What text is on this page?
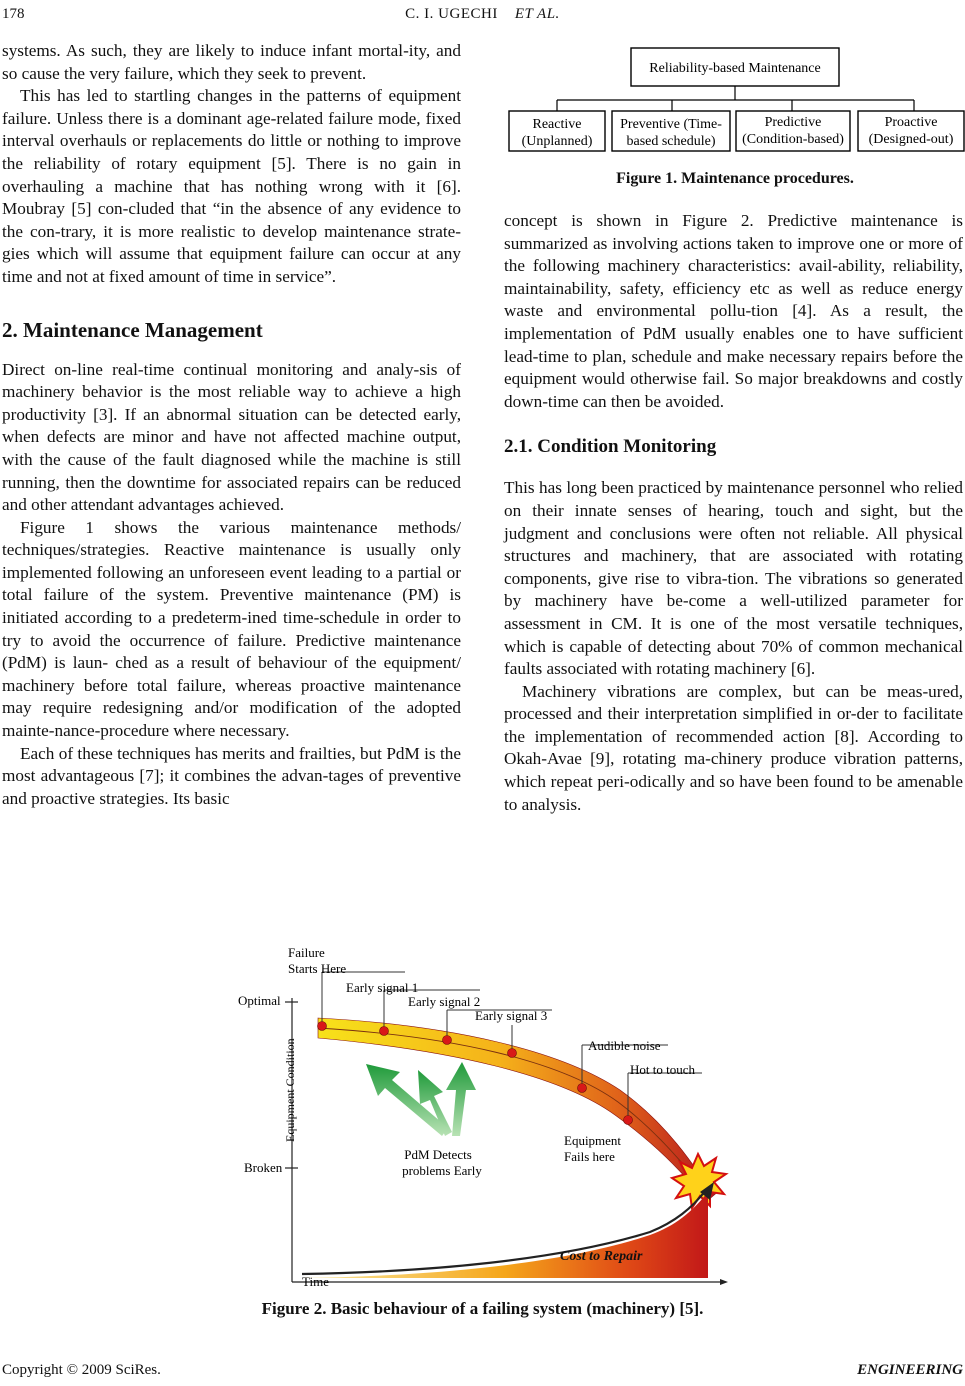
178	C. I. UGECHI ET AL.

systems. As such, they are likely to induce infant mortal-ity, and so cause the very failure, which they seek to prevent.

This has led to startling changes in the patterns of equipment failure. Unless there is a dominant age-related failure mode, fixed interval overhauls or replacements do little or nothing to improve the reliability of rotary equipment [5]. There is no gain in overhauling a machine that has nothing wrong with it [6]. Moubray [5] con-cluded that “in the absence of any evidence to the con-trary, it is more realistic to develop maintenance strate-gies which will assume that equipment failure can occur at any time and not at fixed amount of time in service”.

2. Maintenance Management

Direct on-line real-time continual monitoring and analy-sis of machinery behavior is the most reliable way to achieve a high productivity [3]. If an abnormal situation can be detected early, when defects are minor and have not affected machine output, with the cause of the fault diagnosed while the machine is still running, then the downtime for associated repairs can be reduced and other attendant advantages achieved.

Figure 1 shows the various maintenance methods/ techniques/strategies. Reactive maintenance is usually only implemented following an unforeseen event leading to a partial or total failure of the system. Preventive maintenance (PM) is initiated according to a predeterm-ined time-schedule in order to try to avoid the occurrence of failure. Predictive maintenance (PdM) is laun- ched as a result of behaviour of the equipment/ machinery before total failure, whereas proactive maintenance may require redesigning and/or modification of the adopted mainte-nance-procedure where necessary.

Each of these techniques has merits and frailties, but PdM is the most advantageous [7]; it combines the advan-tages of preventive and proactive strategies. Its basic

Reliability-based Maintenance
Reactive
(Unplanned)
Preventive (Time-
based schedule)
Predictive
(Condition-based)
Proactive
(Designed-out)
Figure 1. Maintenance procedures.

concept is shown in Figure 2. Predictive maintenance is summarized as involving actions taken to improve one or more of the following machinery characteristics: avail-ability, reliability, maintainability, safety, efficiency etc as well as reduce energy waste and environmental pollu-tion [4]. As a result, the implementation of PdM usually enables one to have sufficient lead-time to plan, schedule and make necessary repairs before the equipment would otherwise fail. So major breakdowns and costly down-time can then be avoided.

2.1. Condition Monitoring

This has long been practiced by maintenance personnel who relied on their innate senses of hearing, touch and sight, but the judgment and conclusions were often not reliable. All physical structures and machinery, that are associated with rotating components, give rise to vibra-tion. The vibrations so generated by machinery have be-come a well-utilized parameter for assessment in CM. It is one of the most versatile techniques, which is capable of detecting about 70% of common mechanical faults associated with rotating machinery [6].

Machinery vibrations are complex, but can be meas-ured, processed and their interpretation simplified in or-der to facilitate the implementation of recommended action [8]. According to Okah-Avae [9], rotating ma-chinery produce vibration patterns, which repeat peri-odically and so have been found to be amenable to analysis.

Optimal
Broken
Equipment Condition
Time
Failure
Starts Here
Early signal 1
Early signal 2
Early signal 3
Audible noise
Hot to touch
Equipment
Fails here
PdM Detects
problems Early
Cost to Repair
Figure 2. Basic behaviour of a failing system (machinery) [5].
Copyright © 2009 SciRes.	ENGINEERING
